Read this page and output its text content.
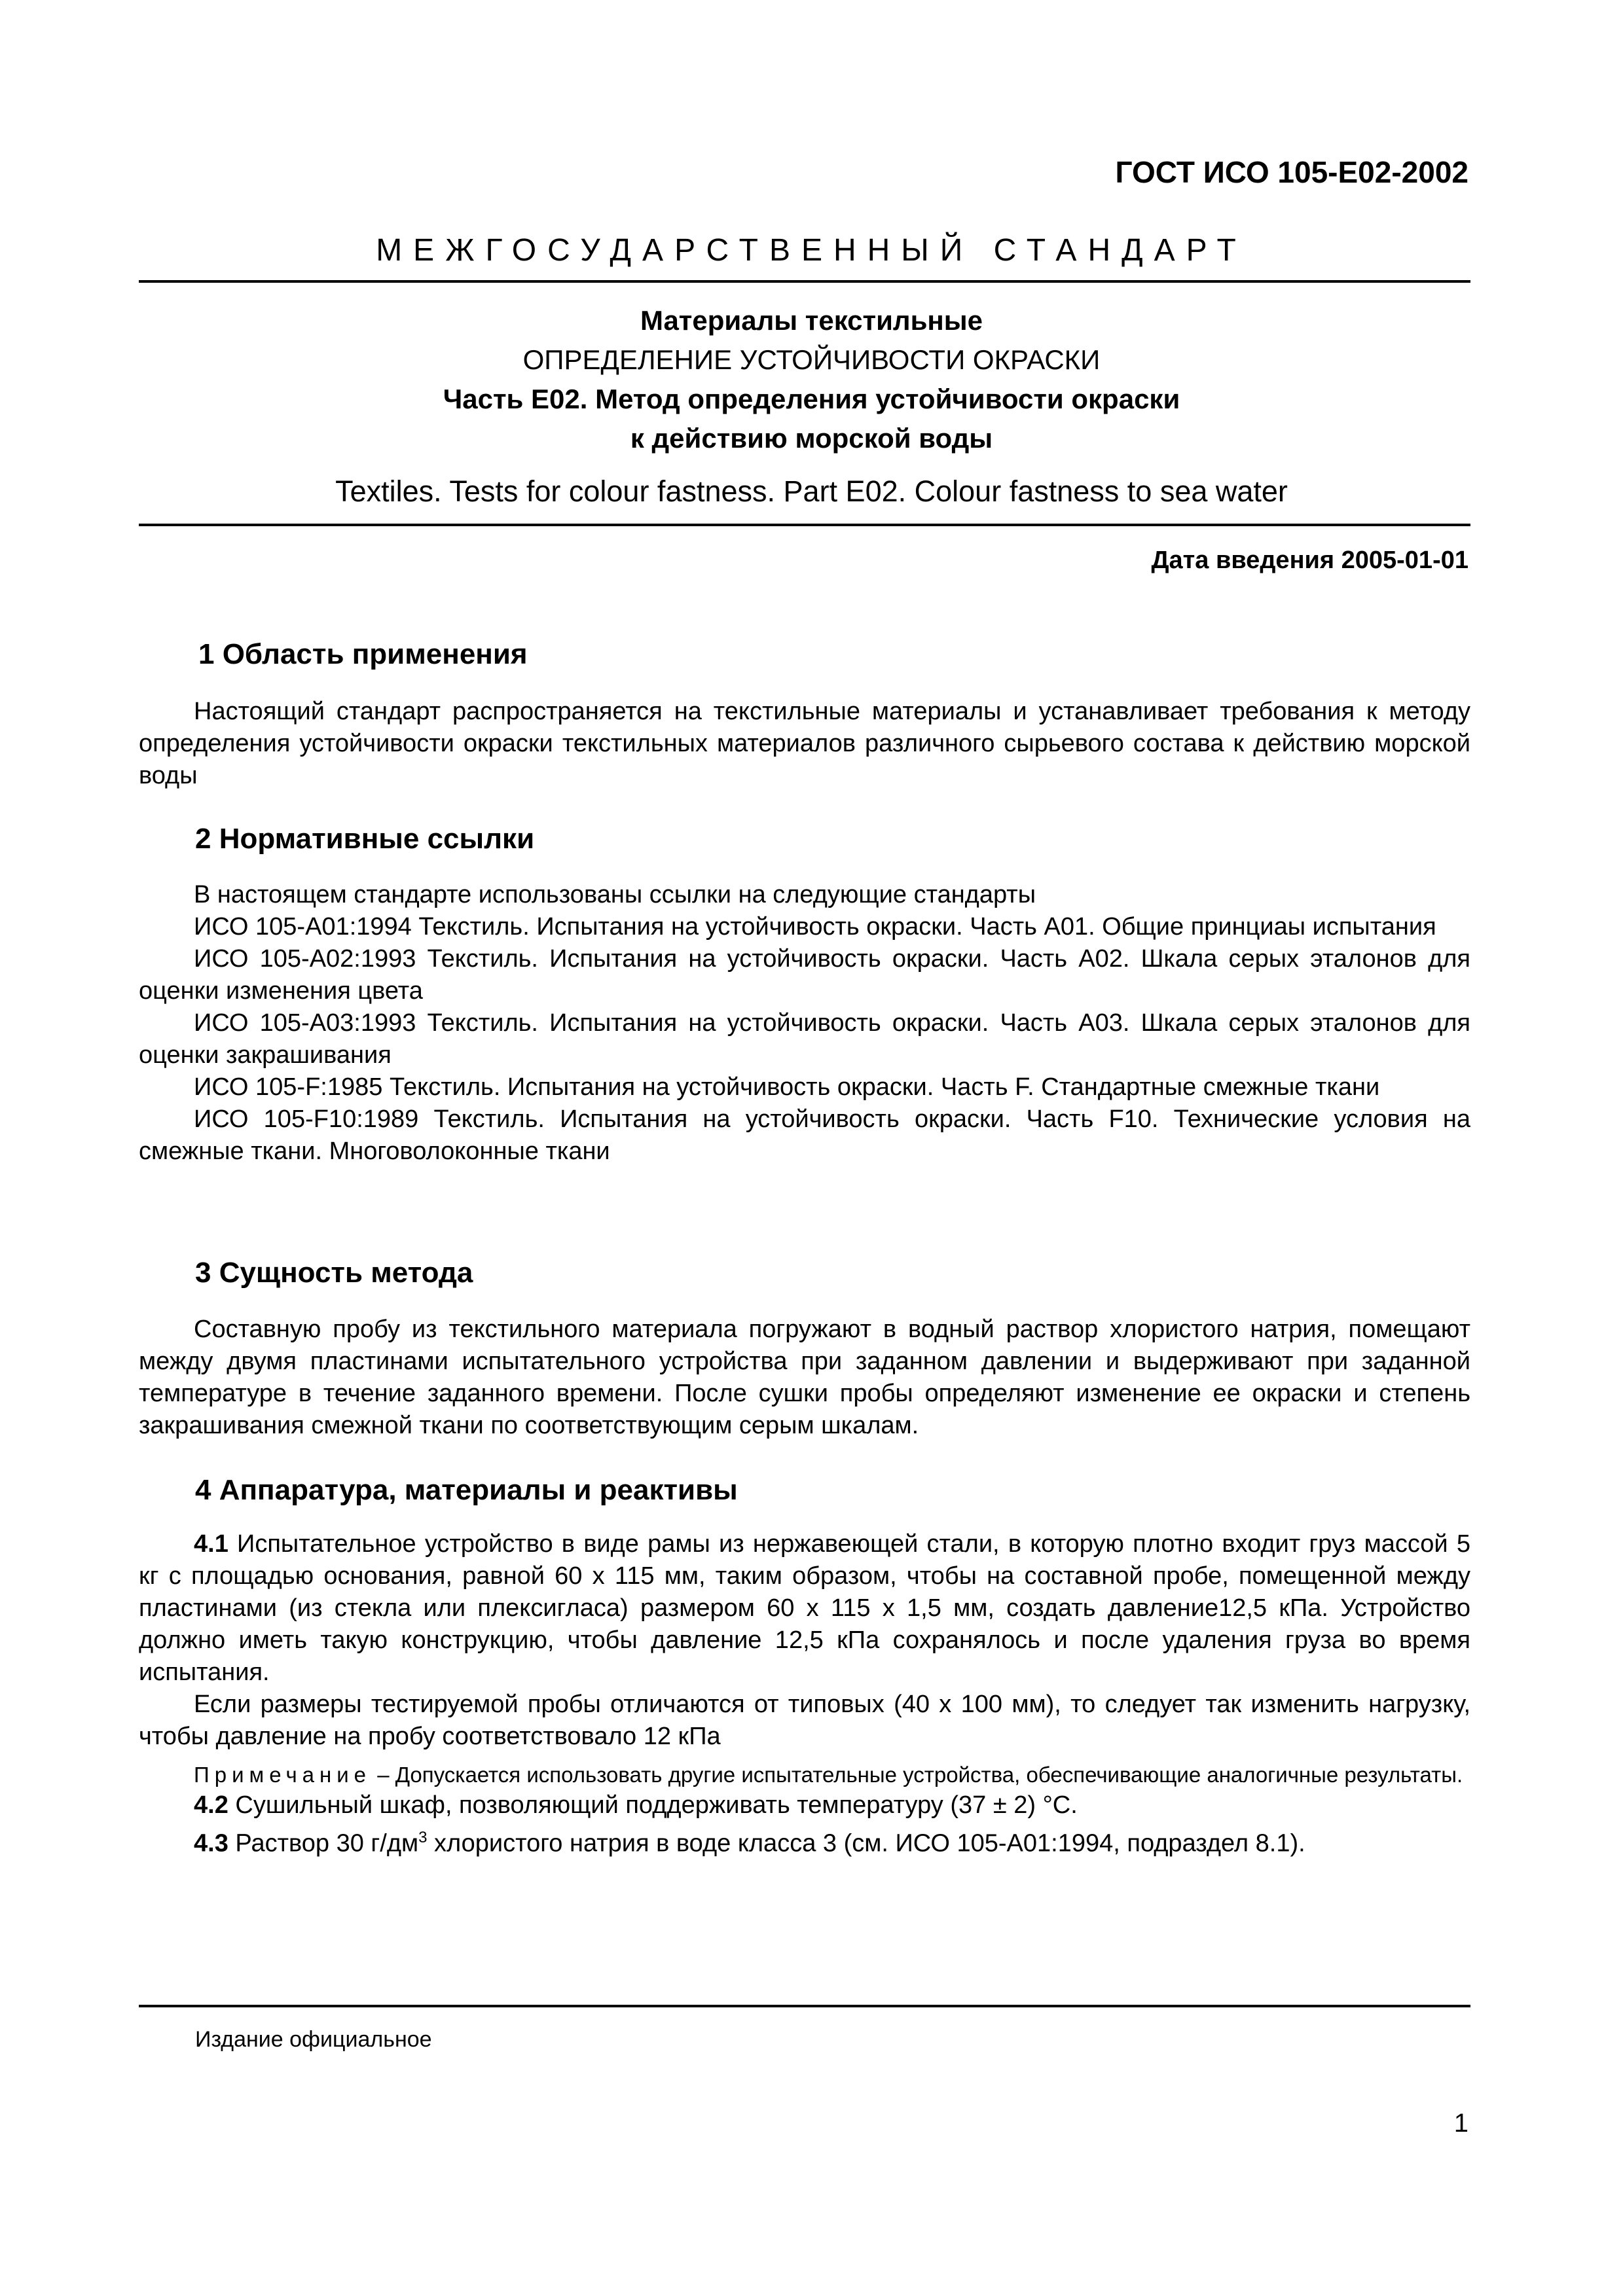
ГОСТ ИСО 105-Е02-2002
МЕЖГОСУДАРСТВЕННЫЙ СТАНДАРТ
Материалы текстильные
ОПРЕДЕЛЕНИЕ УСТОЙЧИВОСТИ ОКРАСКИ
Часть Е02. Метод определения устойчивости окраски
к действию морской воды
Textiles. Tests for colour fastness. Part E02. Colour fastness to sea water
Дата введения 2005-01-01
1 Область применения
Настоящий стандарт распространяется на текстильные материалы и устанавливает требования к методу определения устойчивости окраски текстильных материалов различного сырьевого состава к действию морской воды
2 Нормативные ссылки
В настоящем стандарте использованы ссылки на следующие стандарты
ИСО 105-А01:1994 Текстиль. Испытания на устойчивость окраски. Часть А01. Общие принциаы испытания
ИСО 105-А02:1993 Текстиль. Испытания на устойчивость окраски. Часть А02. Шкала серых эталонов для оценки изменения цвета
ИСО 105-А03:1993 Текстиль. Испытания на устойчивость окраски. Часть А03. Шкала серых эталонов для оценки закрашивания
ИСО 105-F:1985 Текстиль. Испытания на устойчивость окраски. Часть F. Стандартные смежные ткани
ИСО 105-F10:1989 Текстиль. Испытания на устойчивость окраски. Часть F10. Технические условия на смежные ткани. Многоволоконные ткани
3 Сущность метода
Составную пробу из текстильного материала погружают в водный раствор хлористого натрия, помещают между двумя пластинами испытательного устройства при заданном давлении и выдерживают при заданной температуре в течение заданного времени. После сушки пробы определяют изменение ее окраски и степень закрашивания смежной ткани по соответствующим серым шкалам.
4 Аппаратура, материалы и реактивы
4.1 Испытательное устройство в виде рамы из нержавеющей стали, в которую плотно входит груз массой 5 кг с площадью основания, равной 60 x 115 мм, таким образом, чтобы на составной пробе, помещенной между пластинами (из стекла или плексигласа) размером 60 x 115 x 1,5 мм, создать давление12,5 кПа. Устройство должно иметь такую конструкцию, чтобы давление 12,5 кПа сохранялось и после удаления груза во время испытания.
Если размеры тестируемой пробы отличаются от типовых (40 x 100 мм), то следует так изменить нагрузку, чтобы давление на пробу соответствовало 12 кПа
Примечание – Допускается использовать другие испытательные устройства, обеспечивающие аналогичные результаты.
4.2 Сушильный шкаф, позволяющий поддерживать температуру (37 ± 2) °С.
4.3 Раствор 30 $г/дм^3$ хлористого натрия в воде класса 3 (см. ИСО 105-А01:1994, подраздел 8.1).
Издание официальное
1
